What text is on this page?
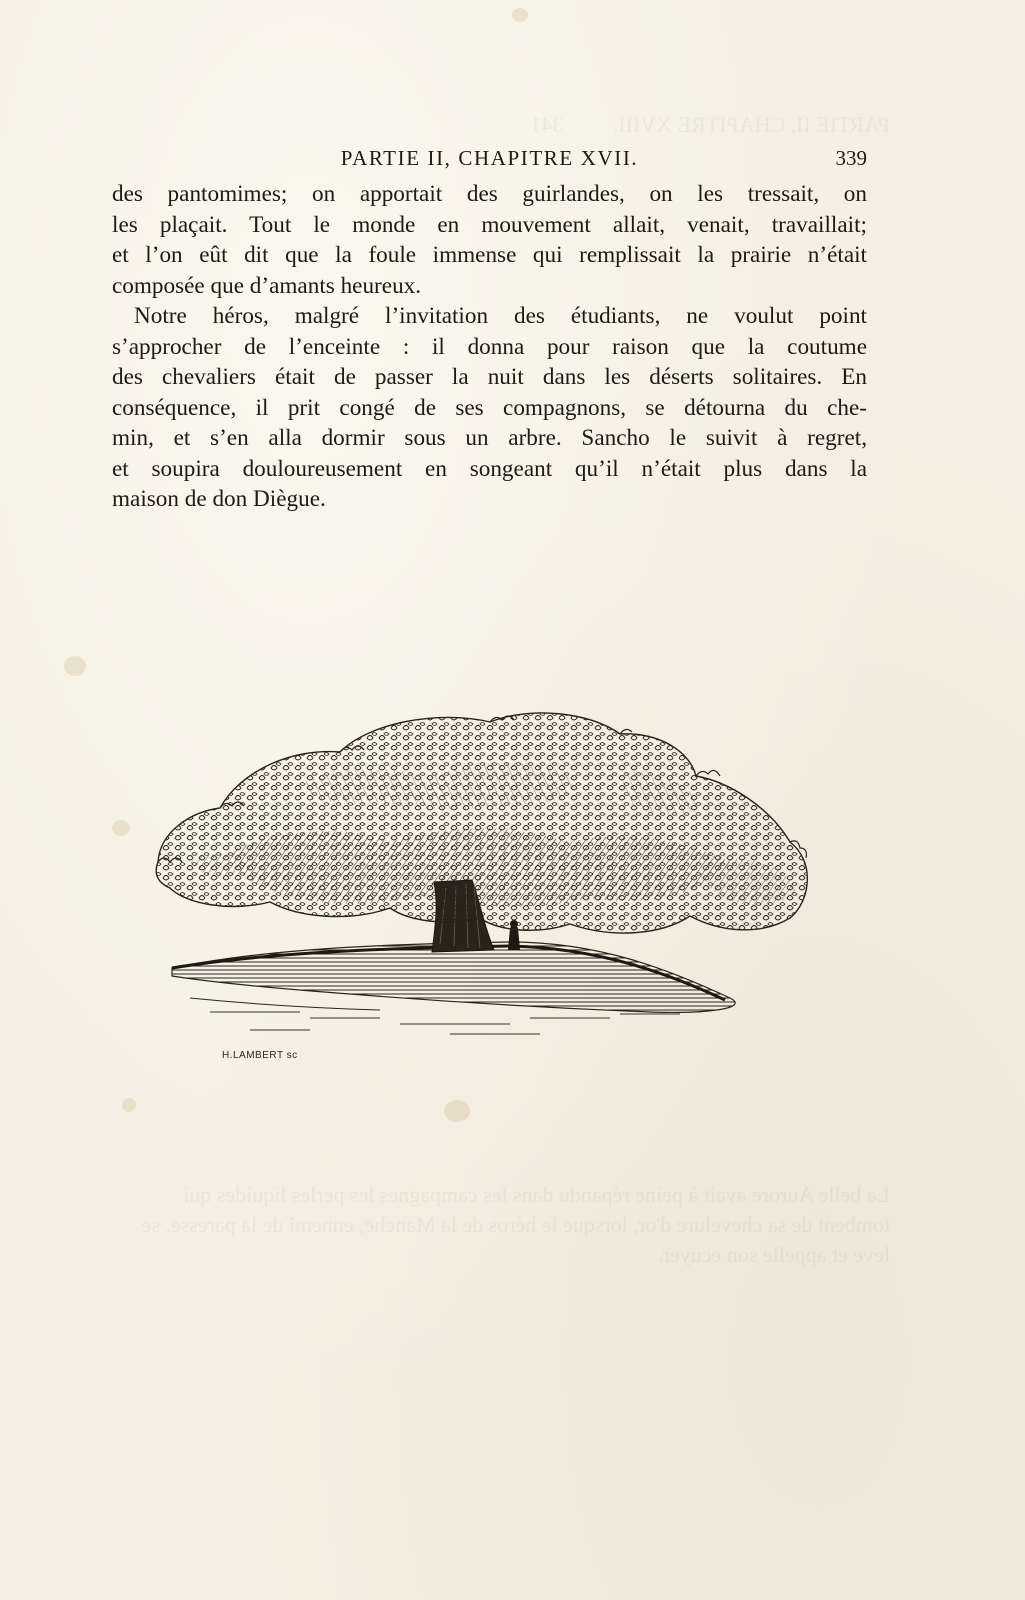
PARTIE II, CHAPITRE XVIII.         341
La belle Aurore avait à peine répandu dans les campagnes les perles liquides qui tombent de sa chevelure d'or, lorsque le héros de la Manche, ennemi de la paresse, se leve et appelle son ecuyer.
PARTIE II, CHAPITRE XVII.	339
des pantomimes; on apportait des guirlandes, on les tressait, on
les plaçait. Tout le monde en mouvement allait, venait, travaillait;
et l’on eût dit que la foule immense qui remplissait la prairie n’était
composée que d’amants heureux.
Notre héros, malgré l’invitation des étudiants, ne voulut point
s’approcher de l’enceinte : il donna pour raison que la coutume
des chevaliers était de passer la nuit dans les déserts solitaires. En
conséquence, il prit congé de ses compagnons, se détourna du che-
min, et s’en alla dormir sous un arbre. Sancho le suivit à regret,
et soupira douloureusement en songeant qu’il n’était plus dans la
maison de don Diègue.
H.LAMBERT sc
